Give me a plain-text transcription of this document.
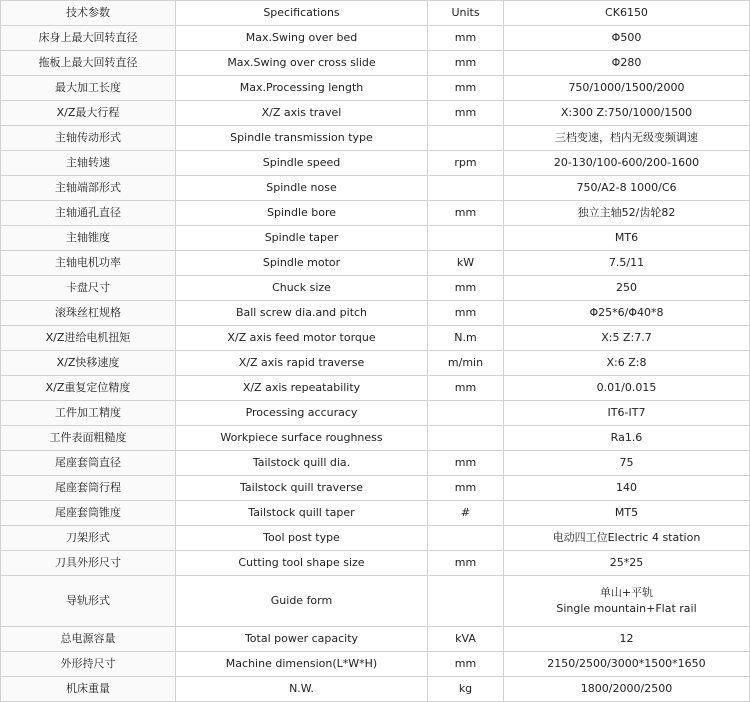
技术参数	Specifications	Units	CK6150
床身上最大回转直径	Max.Swing over bed	mm	Φ500
拖板上最大回转直径	Max.Swing over cross slide	mm	Φ280
最大加工长度	Max.Processing length	mm	750/1000/1500/2000
X/Z最大行程	X/Z axis travel	mm	X:300 Z:750/1000/1500
主轴传动形式	Spindle transmission type		三档变速，档内无级变频调速
主轴转速	Spindle speed	rpm	20-130/100-600/200-1600
主轴端部形式	Spindle nose		750/A2-8 1000/C6
主轴通孔直径	Spindle bore	mm	独立主轴52/齿轮82
主轴锥度	Spindle taper		MT6
主轴电机功率	Spindle motor	kW	7.5/11
卡盘尺寸	Chuck size	mm	250
滚珠丝杠规格	Ball screw dia.and pitch	mm	Φ25*6/Φ40*8
X/Z进给电机扭矩	X/Z axis feed motor torque	N.m	X:5 Z:7.7
X/Z快移速度	X/Z axis rapid traverse	m/min	X:6 Z:8
X/Z重复定位精度	X/Z axis repeatability	mm	0.01/0.015
工件加工精度	Processing accuracy		IT6-IT7
工件表面粗糙度	Workpiece surface roughness		Ra1.6
尾座套筒直径	Tailstock quill dia.	mm	75
尾座套筒行程	Tailstock quill traverse	mm	140
尾座套筒锥度	Tailstock quill taper	#	MT5
刀架形式	Tool post type		电动四工位Electric 4 station
刀具外形尺寸	Cutting tool shape size	mm	25*25
导轨形式	Guide form		单山+平轨
Single mountain+Flat rail

总电源容量	Total power capacity	kVA	12
外形持尺寸	Machine dimension(L*W*H)	mm	2150/2500/3000*1500*1650
机床重量	N.W.	kg	1800/2000/2500
